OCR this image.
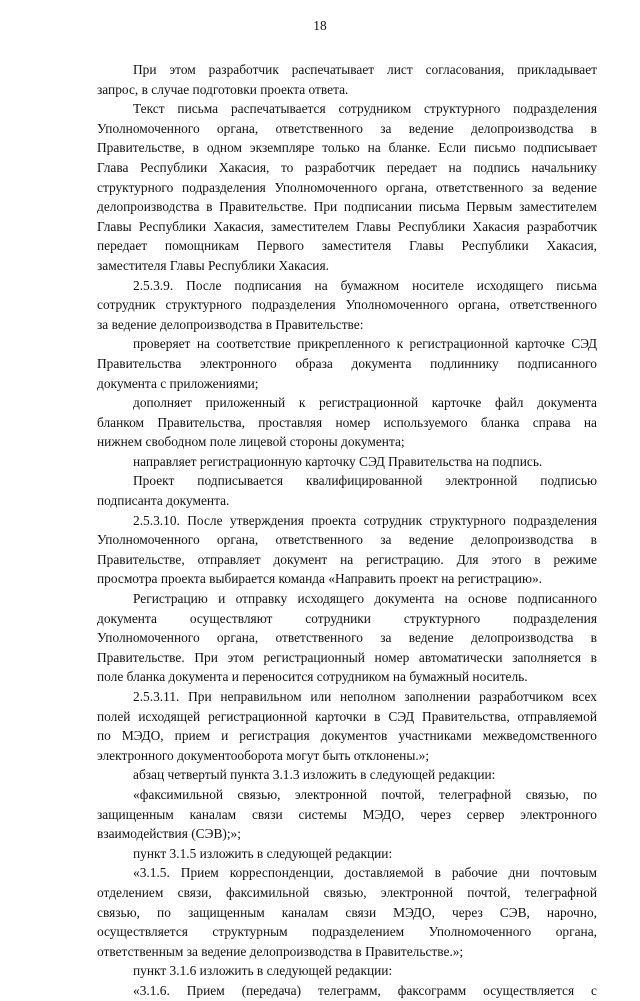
18
При этом разработчик распечатывает лист согласования, прикладывает
запрос, в случае подготовки проекта ответа.
Текст письма распечатывается сотрудником структурного подразделения
Уполномоченного органа, ответственного за ведение делопроизводства в
Правительстве, в одном экземпляре только на бланке. Если письмо подписывает
Глава Республики Хакасия, то разработчик передает на подпись начальнику
структурного подразделения Уполномоченного органа, ответственного за ведение
делопроизводства в Правительстве. При подписании письма Первым заместителем
Главы Республики Хакасия, заместителем Главы Республики Хакасия разработчик
передает помощникам Первого заместителя Главы Республики Хакасия,
заместителя Главы Республики Хакасия.
2.5.3.9. После подписания на бумажном носителе исходящего письма
сотрудник структурного подразделения Уполномоченного органа, ответственного
за ведение делопроизводства в Правительстве:
проверяет на соответствие прикрепленного к регистрационной карточке СЭД
Правительства электронного образа документа подлиннику подписанного
документа с приложениями;
дополняет приложенный к регистрационной карточке файл документа
бланком Правительства, проставляя номер используемого бланка справа на
нижнем свободном поле лицевой стороны документа;
направляет регистрационную карточку СЭД Правительства на подпись.
Проект подписывается квалифицированной электронной подписью
подписанта документа.
2.5.3.10. После утверждения проекта сотрудник структурного подразделения
Уполномоченного органа, ответственного за ведение делопроизводства в
Правительстве, отправляет документ на регистрацию. Для этого в режиме
просмотра проекта выбирается команда «Направить проект на регистрацию».
Регистрацию и отправку исходящего документа на основе подписанного
документа осуществляют сотрудники структурного подразделения
Уполномоченного органа, ответственного за ведение делопроизводства в
Правительстве. При этом регистрационный номер автоматически заполняется в
поле бланка документа и переносится сотрудником на бумажный носитель.
2.5.3.11. При неправильном или неполном заполнении разработчиком всех
полей исходящей регистрационной карточки в СЭД Правительства, отправляемой
по МЭДО, прием и регистрация документов участниками межведомственного
электронного документооборота могут быть отклонены.»;
абзац четвертый пункта 3.1.3 изложить в следующей редакции:
«факсимильной связью, электронной почтой, телеграфной связью, по
защищенным каналам связи системы МЭДО, через сервер электронного
взаимодействия (СЭВ);»;
пункт 3.1.5 изложить в следующей редакции:
«3.1.5. Прием корреспонденции, доставляемой в рабочие дни почтовым
отделением связи, факсимильной связью, электронной почтой, телеграфной
связью, по защищенным каналам связи МЭДО, через СЭВ, нарочно,
осуществляется структурным подразделением Уполномоченного органа,
ответственным за ведение делопроизводства в Правительстве.»;
пункт 3.1.6 изложить в следующей редакции:
«3.1.6. Прием (передача) телеграмм, факсограмм осуществляется с
